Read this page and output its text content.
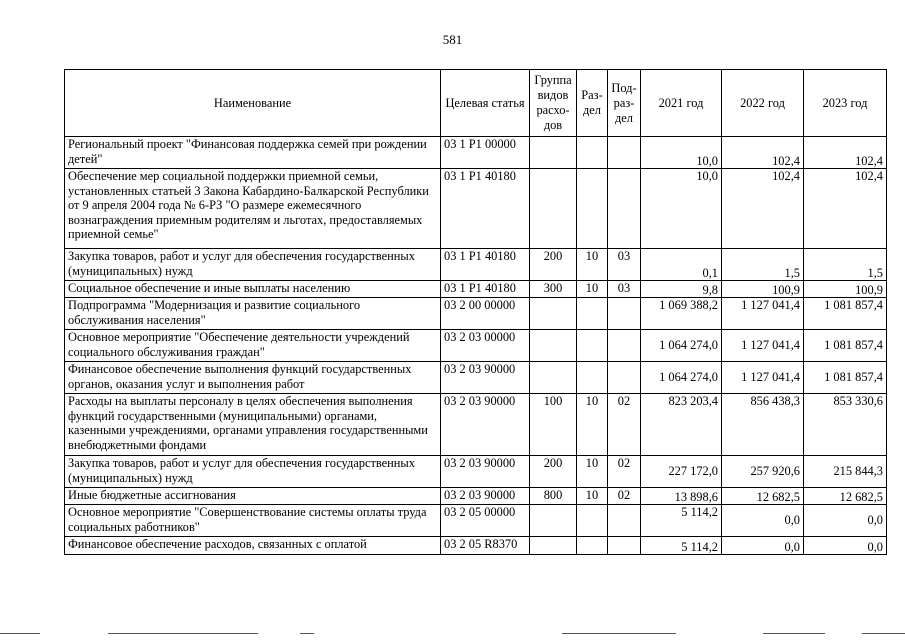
581
Наименование	Целевая статья	Группа видов расхо-дов	Раз-дел	Под-раз-дел	2021 год	2022 год	2023 год
Региональный проект "Финансовая поддержка семей при рождении детей"	03 1 P1 00000				10,0	102,4	102,4
Обеспечение мер социальной поддержки приемной семьи, установленных статьей 3 Закона Кабардино-Балкарской Республики от 9 апреля 2004 года № 6-РЗ "О размере ежемесячного вознаграждения приемным родителям и льготах, предоставляемых приемной семье"	03 1 P1 40180				10,0	102,4	102,4
Закупка товаров, работ и услуг для обеспечения государственных (муниципальных) нужд	03 1 P1 40180	200	10	03	0,1	1,5	1,5
Социальное обеспечение и иные выплаты населению	03 1 P1 40180	300	10	03	9,8	100,9	100,9
Подпрограмма "Модернизация и развитие социального обслуживания населения"	03 2 00 00000				1 069 388,2	1 127 041,4	1 081 857,4
Основное мероприятие "Обеспечение деятельности учреждений социального обслуживания граждан"	03 2 03 00000				1 064 274,0	1 127 041,4	1 081 857,4
Финансовое обеспечение выполнения функций государственных органов, оказания услуг и выполнения работ	03 2 03 90000				1 064 274,0	1 127 041,4	1 081 857,4
Расходы на выплаты персоналу в целях обеспечения выполнения функций государственными (муниципальными) органами, казенными учреждениями, органами управления государственными внебюджетными фондами	03 2 03 90000	100	10	02	823 203,4	856 438,3	853 330,6
Закупка товаров, работ и услуг для обеспечения государственных (муниципальных) нужд	03 2 03 90000	200	10	02	227 172,0	257 920,6	215 844,3
Иные бюджетные ассигнования	03 2 03 90000	800	10	02	13 898,6	12 682,5	12 682,5
Основное мероприятие "Совершенствование системы оплаты труда социальных работников"	03 2 05 00000				5 114,2	0,0	0,0
Финансовое обеспечение расходов, связанных с оплатой	03 2 05 R8370				5 114,2	0,0	0,0
